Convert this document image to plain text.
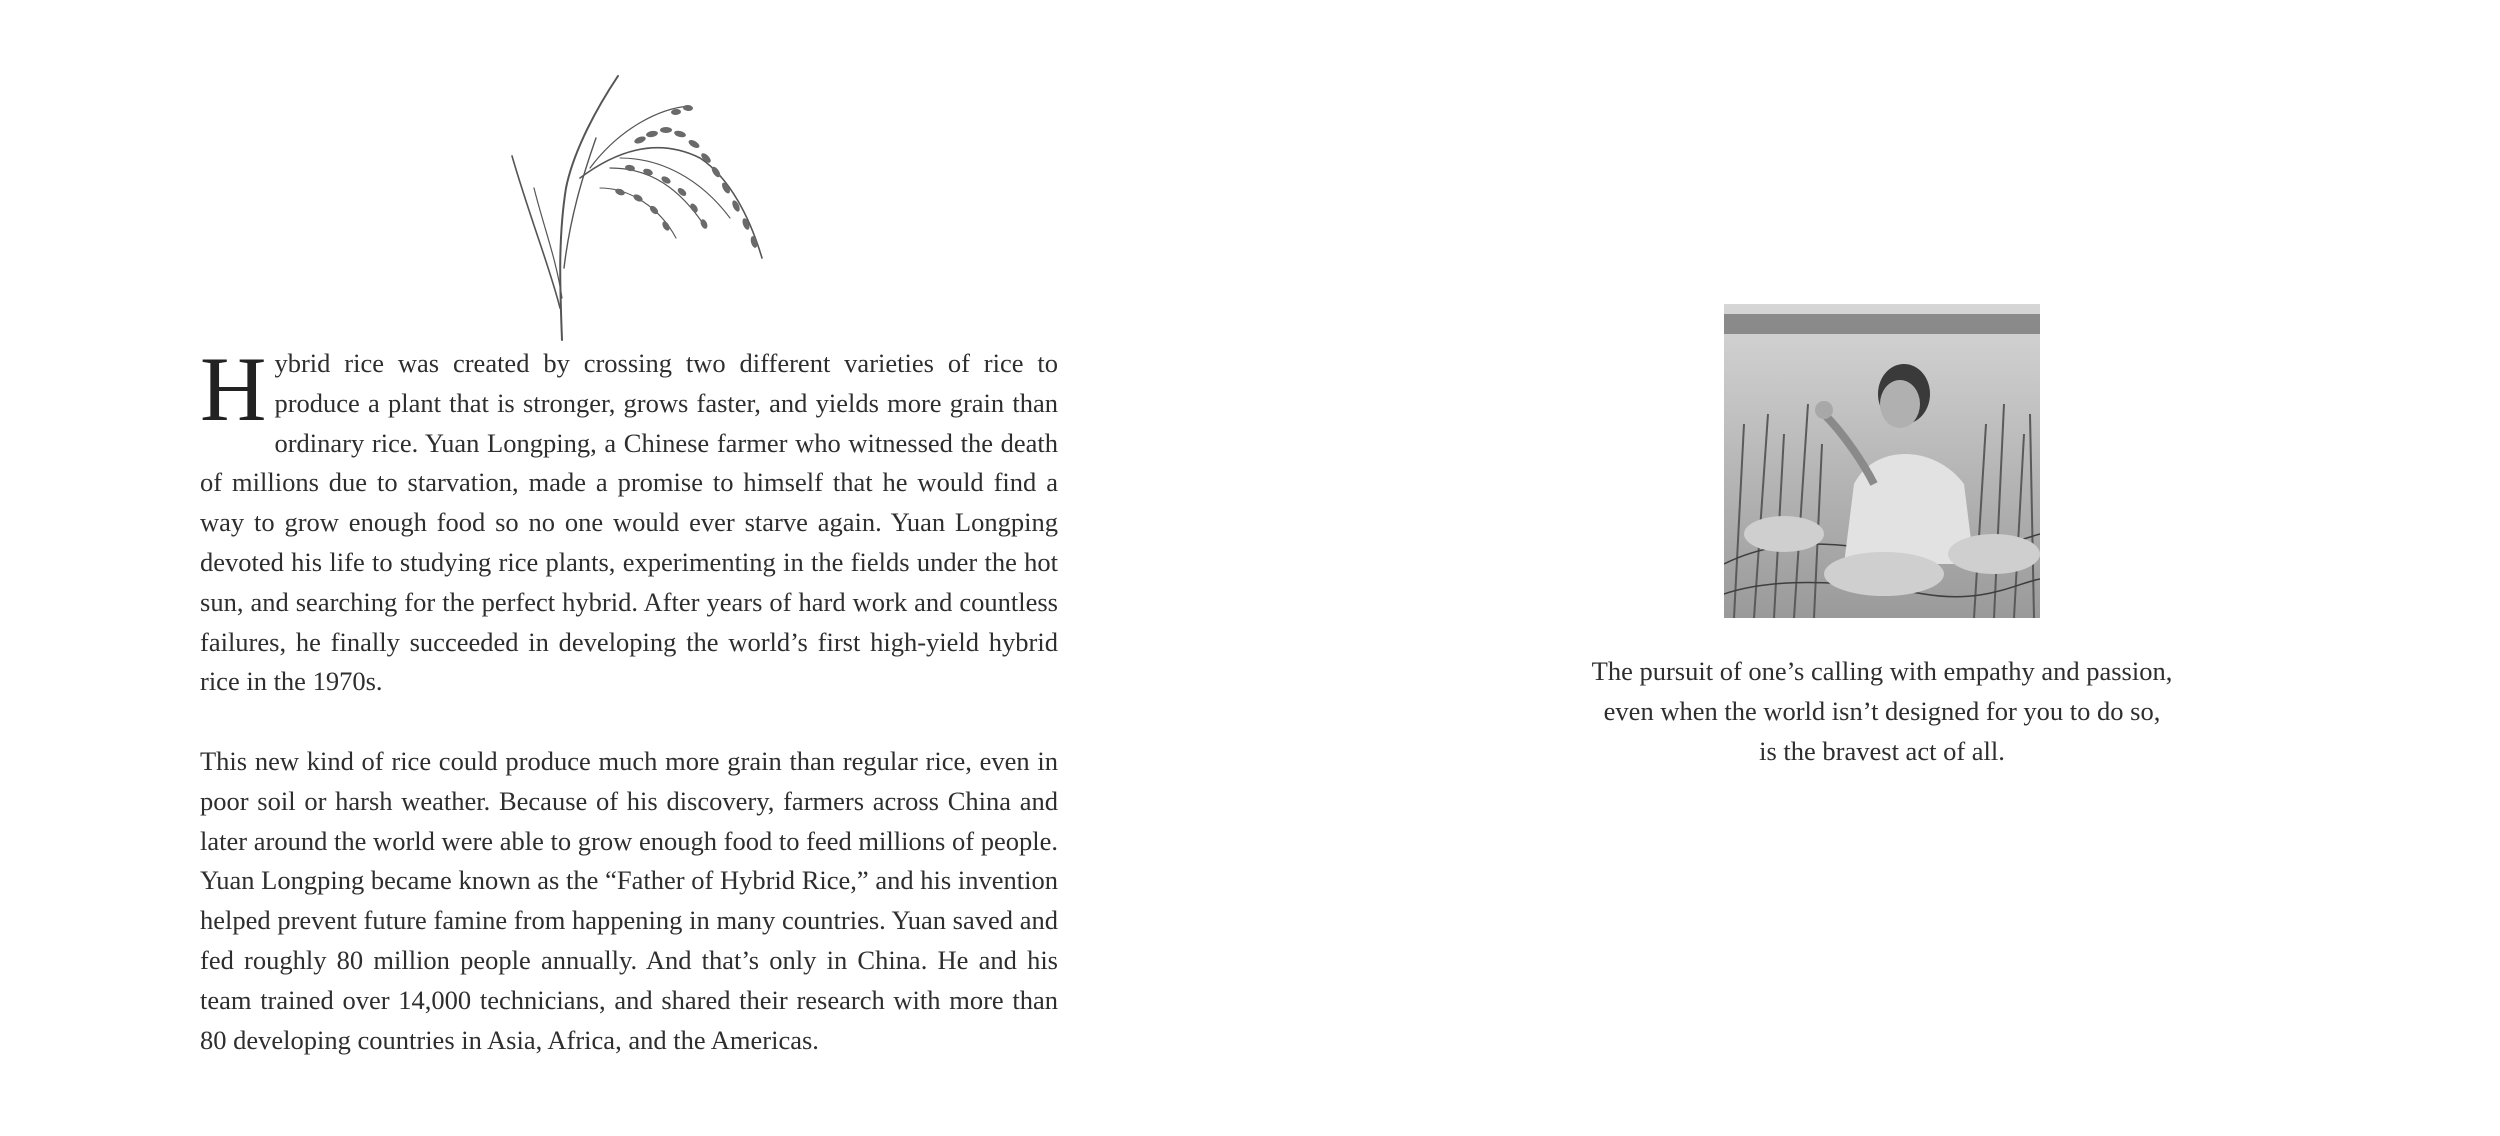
Hybrid rice was created by crossing two different varieties of rice to produce a plant that is stronger, grows faster, and yields more grain than ordinary rice. Yuan Longping, a Chinese farmer who witnessed the death of millions due to starvation, made a promise to himself that he would find a way to grow enough food so no one would ever starve again. Yuan Longping devoted his life to studying rice plants, experimenting in the fields under the hot sun, and searching for the perfect hybrid. After years of hard work and countless failures, he finally succeeded in developing the world’s first high-yield hybrid rice in the 1970s.

This new kind of rice could produce much more grain than regular rice, even in poor soil or harsh weather. Because of his discovery, farmers across China and later around the world were able to grow enough food to feed millions of people. Yuan Longping became known as the “Father of Hybrid Rice,” and his invention helped prevent future famine from happening in many countries. Yuan saved and fed roughly 80 million people annually. And that’s only in China. He and his team trained over 14,000 technicians, and shared their research with more than 80 developing countries in Asia, Africa, and the Americas.

The pursuit of one’s calling with empathy and passion,
even when the world isn’t designed for you to do so,
is the bravest act of all.
